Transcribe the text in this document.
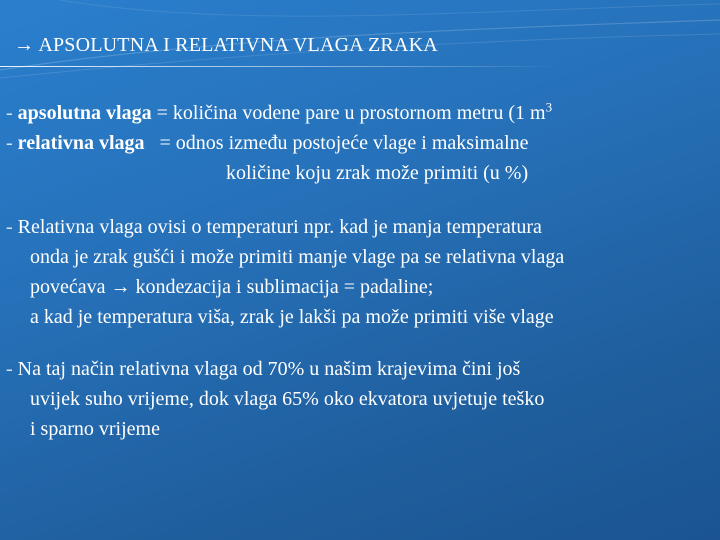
→ APSOLUTNA I RELATIVNA VLAGA ZRAKA
- apsolutna vlaga = količina vodene pare u prostornom metru (1 $m^3$
- relativna vlaga   = odnos između postojeće vlage i maksimalne
količine koju zrak može primiti (u %)
- Relativna vlaga ovisi o temperaturi npr. kad je manja temperatura
onda je zrak gušći i može primiti manje vlage pa se relativna vlaga
povećava → kondezacija i sublimacija = padaline;
a kad je temperatura viša, zrak je lakši pa može primiti više vlage
- Na taj način relativna vlaga od 70% u našim krajevima čini još
uvijek suho vrijeme, dok vlaga 65% oko ekvatora uvjetuje teško
i sparno vrijeme
